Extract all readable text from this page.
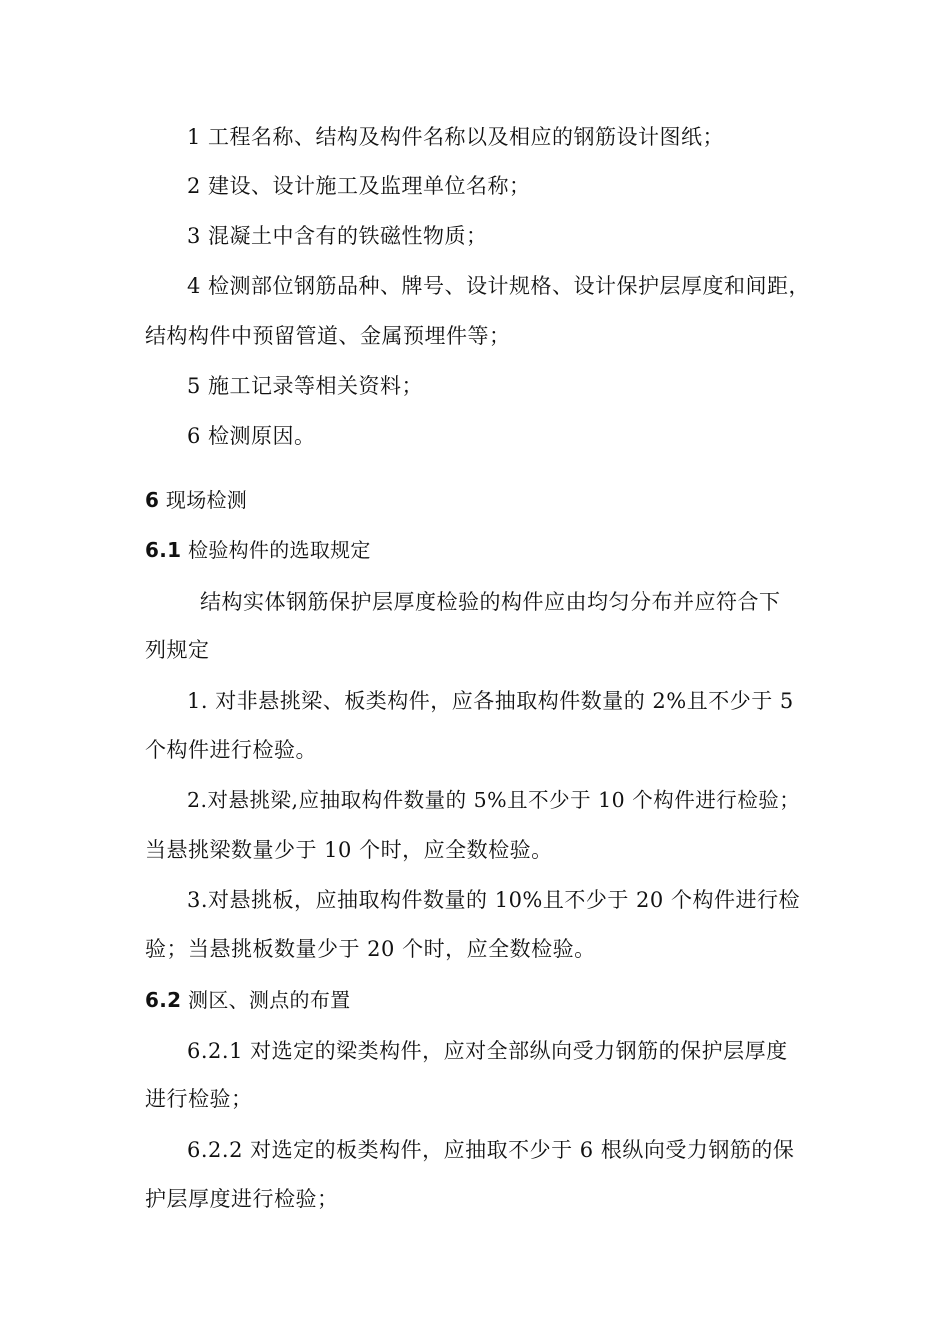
1 工程名称、结构及构件名称以及相应的钢筋设计图纸；
2 建设、设计施工及监理单位名称；
3 混凝土中含有的铁磁性物质；
4 检测部位钢筋品种、牌号、设计规格、设计保护层厚度和间距，
结构构件中预留管道、金属预埋件等；
5 施工记录等相关资料；
6 检测原因。
6 现场检测
6.1 检验构件的选取规定
结构实体钢筋保护层厚度检验的构件应由均匀分布并应符合下
列规定
1. 对非悬挑梁、板类构件，应各抽取构件数量的 2%且不少于 5
个构件进行检验。
2.对悬挑梁,应抽取构件数量的 5%且不少于 10 个构件进行检验；
当悬挑梁数量少于 10 个时，应全数检验。
3.对悬挑板，应抽取构件数量的 10%且不少于 20 个构件进行检
验；当悬挑板数量少于 20 个时，应全数检验。
6.2 测区、测点的布置
6.2.1 对选定的梁类构件，应对全部纵向受力钢筋的保护层厚度
进行检验；
6.2.2 对选定的板类构件，应抽取不少于 6 根纵向受力钢筋的保
护层厚度进行检验；
